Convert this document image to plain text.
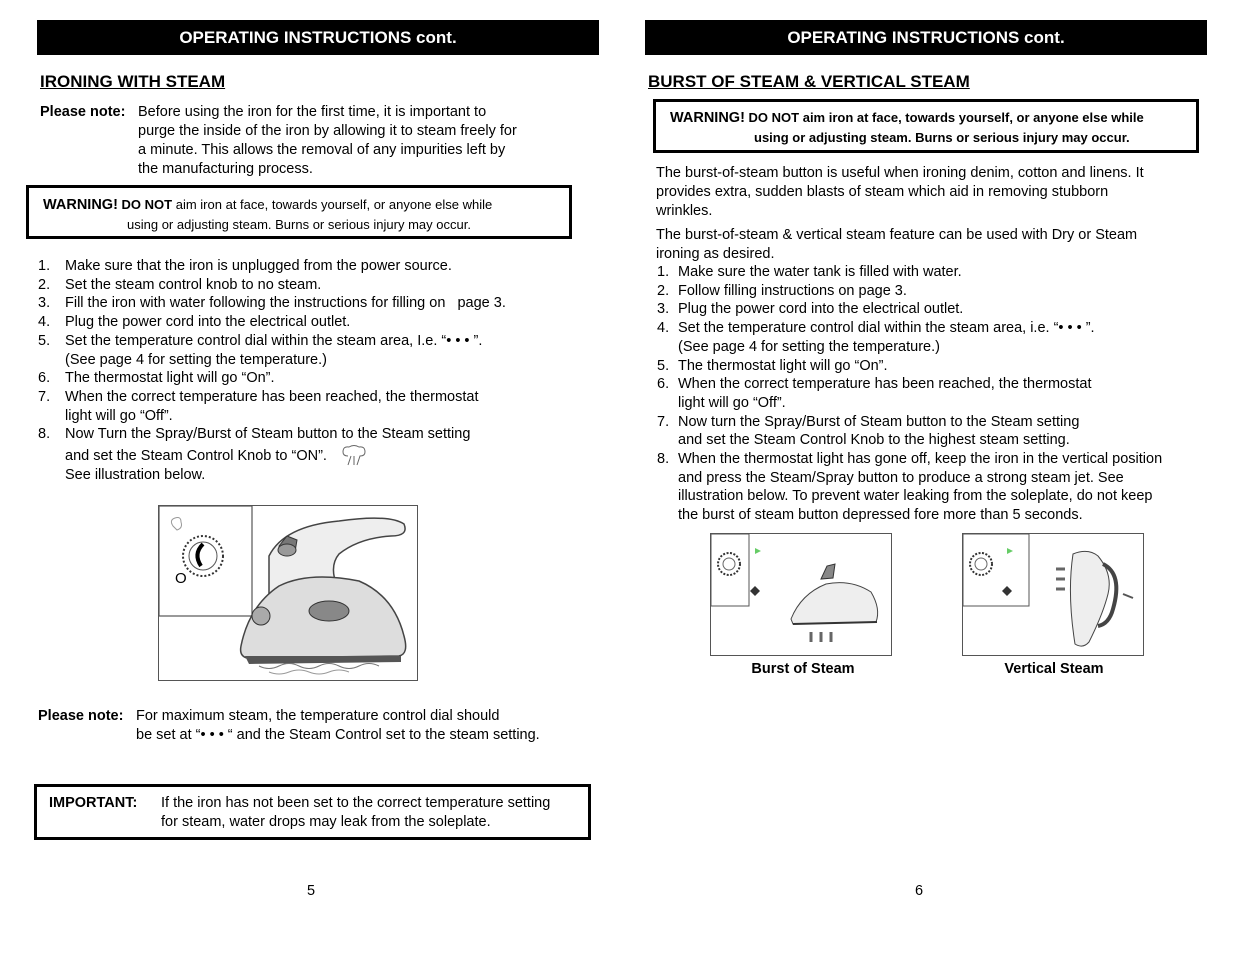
OPERATING INSTRUCTIONS cont.
IRONING WITH STEAM
Please note: Before using the iron for the first time, it is important to
purge the inside of the iron by allowing it to steam freely for
a minute. This allows the removal of any impurities left by
the manufacturing process.
WARNING! DO NOT aim iron at face, towards yourself, or anyone else while
using or adjusting steam. Burns or serious injury may occur.
1.	Make sure that the iron is unplugged from the power source.
2.	Set the steam control knob to no steam.
3.	Fill the iron with water following the instructions for filling on   page 3.
4.	Plug the power cord into the electrical outlet.
5.	Set the temperature control dial within the steam area, I.e. “• • • ”.
(See page 4 for setting the temperature.)
6.	The thermostat light will go “On”.
7.	When the correct temperature has been reached, the thermostat
light will go “Off”.
8.	Now Turn the Spray/Burst of Steam button to the Steam setting
and set the Steam Control Knob to “ON”.
See illustration below.
O
Please note: For maximum steam, the temperature control dial should
be set at “• • • “ and the Steam Control set to the steam setting.
IMPORTANT: If the iron has not been set to the correct temperature setting
for steam, water drops may leak from the soleplate.
5
OPERATING INSTRUCTIONS cont.
BURST OF STEAM & VERTICAL STEAM
WARNING! DO NOT aim iron at face, towards yourself, or anyone else while
using or adjusting steam. Burns or serious injury may occur.
The burst-of-steam button is useful when ironing denim, cotton and linens. It
provides extra, sudden blasts of steam which aid in removing stubborn
wrinkles.
The burst-of-steam & vertical steam feature can be used with Dry or Steam
ironing as desired.
1. Make sure the water tank is filled with water.
2. Follow filling instructions on page 3.
3. Plug the power cord into the electrical outlet.
4. Set the temperature control dial within the steam area, i.e. “• • • ”.
(See page 4 for setting the temperature.)
5. The thermostat light will go “On”.
6. When the correct temperature has been reached, the thermostat
light will go “Off”.
7. Now turn the Spray/Burst of Steam button to the Steam setting
and set the Steam Control Knob to the highest steam setting.
8. When the thermostat light has gone off, keep the iron in the vertical position
and press the Steam/Spray button to produce a strong steam jet. See
illustration below. To prevent water leaking from the soleplate, do not keep
the burst of steam button depressed fore more than 5 seconds.
Burst of Steam	Vertical Steam
6
